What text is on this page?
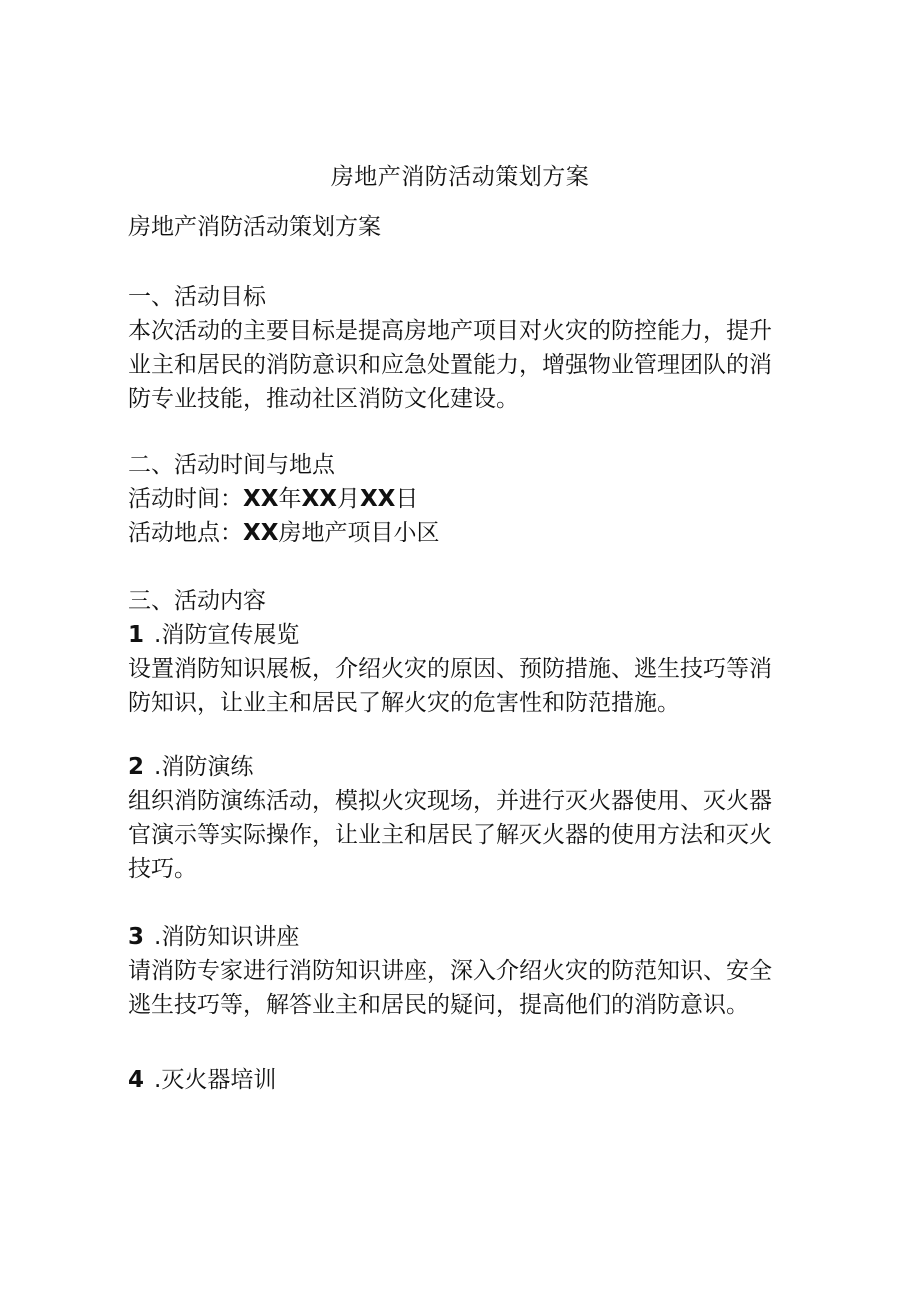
房地产消防活动策划方案
房地产消防活动策划方案
一、活动目标
本次活动的主要目标是提高房地产项目对火灾的防控能力，提升
业主和居民的消防意识和应急处置能力，增强物业管理团队的消
防专业技能，推动社区消防文化建设。
二、活动时间与地点
活动时间：XX年XX月XX日
活动地点：XX房地产项目小区
三、活动内容
1 .消防宣传展览
设置消防知识展板，介绍火灾的原因、预防措施、逃生技巧等消
防知识，让业主和居民了解火灾的危害性和防范措施。
2 .消防演练
组织消防演练活动，模拟火灾现场，并进行灭火器使用、灭火器
官演示等实际操作，让业主和居民了解灭火器的使用方法和灭火
技巧。
3 .消防知识讲座
请消防专家进行消防知识讲座，深入介绍火灾的防范知识、安全
逃生技巧等，解答业主和居民的疑问，提高他们的消防意识。
4 .灭火器培训
